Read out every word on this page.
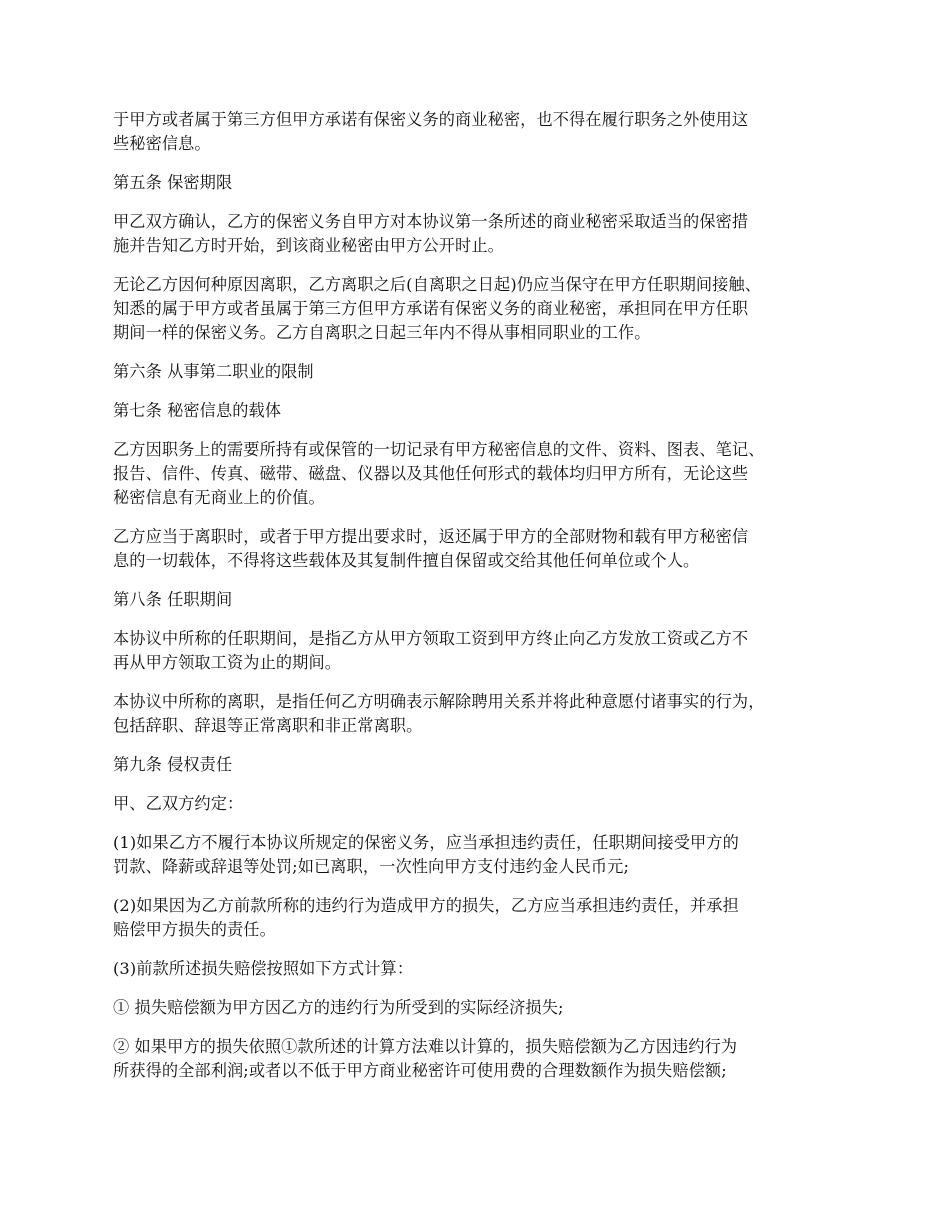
于甲方或者属于第三方但甲方承诺有保密义务的商业秘密，也不得在履行职务之外使用这
些秘密信息。

第五条 保密期限

甲乙双方确认，乙方的保密义务自甲方对本协议第一条所述的商业秘密采取适当的保密措
施并告知乙方时开始，到该商业秘密由甲方公开时止。

无论乙方因何种原因离职，乙方离职之后(自离职之日起)仍应当保守在甲方任职期间接触、
知悉的属于甲方或者虽属于第三方但甲方承诺有保密义务的商业秘密，承担同在甲方任职
期间一样的保密义务。乙方自离职之日起三年内不得从事相同职业的工作。

第六条 从事第二职业的限制

第七条 秘密信息的载体

乙方因职务上的需要所持有或保管的一切记录有甲方秘密信息的文件、资料、图表、笔记、
报告、信件、传真、磁带、磁盘、仪器以及其他任何形式的载体均归甲方所有，无论这些
秘密信息有无商业上的价值。

乙方应当于离职时，或者于甲方提出要求时，返还属于甲方的全部财物和载有甲方秘密信
息的一切载体，不得将这些载体及其复制件擅自保留或交给其他任何单位或个人。

第八条 任职期间

本协议中所称的任职期间，是指乙方从甲方领取工资到甲方终止向乙方发放工资或乙方不
再从甲方领取工资为止的期间。

本协议中所称的离职，是指任何乙方明确表示解除聘用关系并将此种意愿付诸事实的行为，
包括辞职、辞退等正常离职和非正常离职。

第九条 侵权责任

甲、乙双方约定：

(1)如果乙方不履行本协议所规定的保密义务，应当承担违约责任，任职期间接受甲方的
罚款、降薪或辞退等处罚;如已离职，一次性向甲方支付违约金人民币元;

(2)如果因为乙方前款所称的违约行为造成甲方的损失，乙方应当承担违约责任，并承担
赔偿甲方损失的责任。

(3)前款所述损失赔偿按照如下方式计算：

① 损失赔偿额为甲方因乙方的违约行为所受到的实际经济损失;

② 如果甲方的损失依照①款所述的计算方法难以计算的，损失赔偿额为乙方因违约行为
所获得的全部利润;或者以不低于甲方商业秘密许可使用费的合理数额作为损失赔偿额;
